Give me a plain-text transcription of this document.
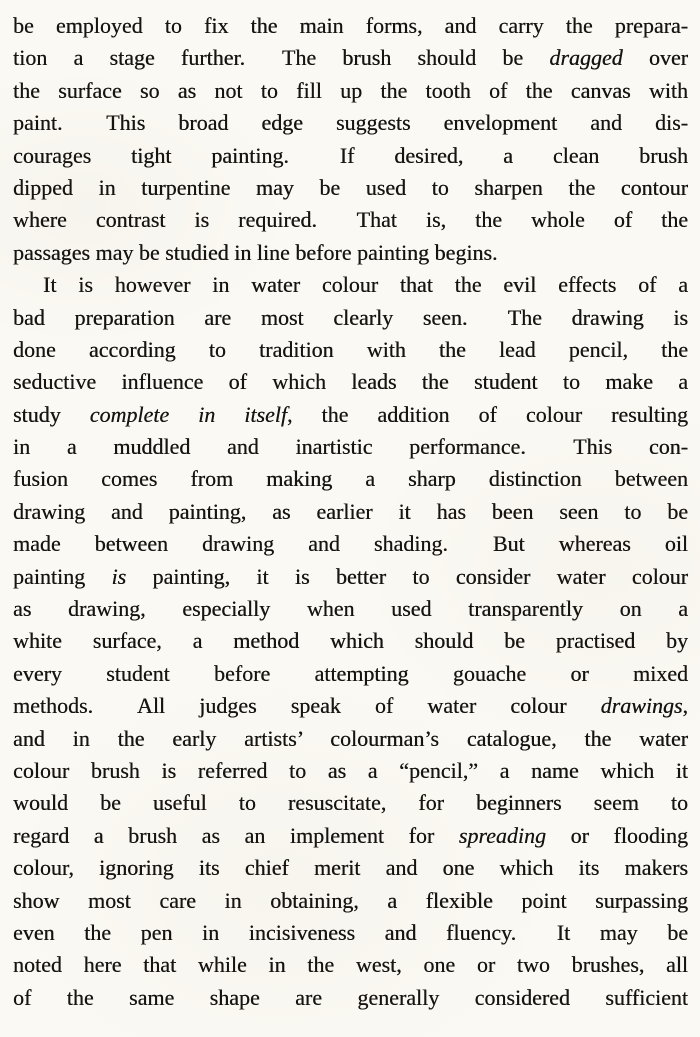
be employed to fix the main forms, and carry the prepara-
tion a stage further.  The brush should be dragged over
the surface so as not to fill up the tooth of the canvas with
paint.  This broad edge suggests envelopment and dis-
courages tight painting.  If desired, a clean brush
dipped in turpentine may be used to sharpen the contour
where contrast is required.  That is, the whole of the
passages may be studied in line before painting begins.
It is however in water colour that the evil effects of a
bad preparation are most clearly seen.  The drawing is
done according to tradition with the lead pencil, the
seductive influence of which leads the student to make a
study complete in itself, the addition of colour resulting
in a muddled and inartistic performance.  This con-
fusion comes from making a sharp distinction between
drawing and painting, as earlier it has been seen to be
made between drawing and shading.  But whereas oil
painting is painting, it is better to consider water colour
as drawing, especially when used transparently on a
white surface, a method which should be practised by
every student before attempting gouache or mixed
methods.  All judges speak of water colour drawings,
and in the early artists’ colourman’s catalogue, the water
colour brush is referred to as a “pencil,” a name which it
would be useful to resuscitate, for beginners seem to
regard a brush as an implement for spreading or flooding
colour, ignoring its chief merit and one which its makers
show most care in obtaining, a flexible point surpassing
even the pen in incisiveness and fluency.  It may be
noted here that while in the west, one or two brushes, all
of the same shape are generally considered sufficient
